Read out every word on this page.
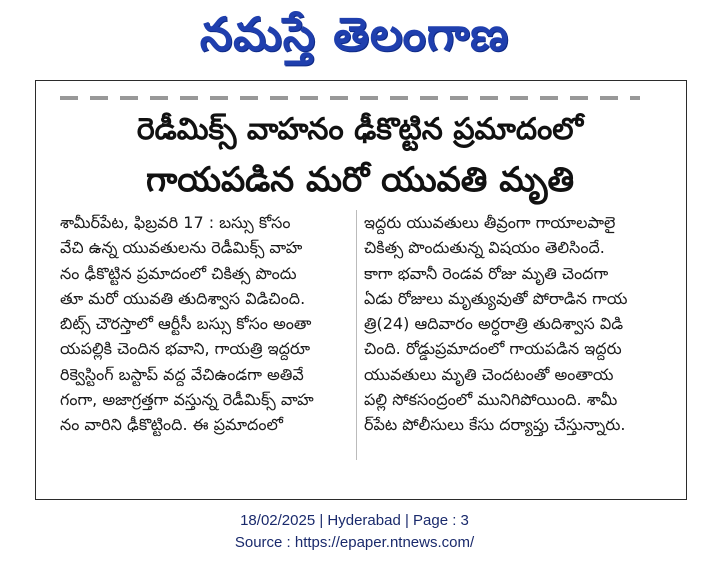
నమస్తే తెలంగాణ
రెడీమిక్స్ వాహనం ఢీకొట్టిన ప్రమాదంలో
గాయపడిన మరో యువతి మృతి
శామీర్‌పేట, ఫిబ్రవరి 17 : బస్సు కోసం
వేచి ఉన్న యువతులను రెడీమిక్స్ వాహ
నం ఢీకొట్టిన ప్రమాదంలో చికిత్స పొందు
తూ మరో యువతి తుదిశ్వాస విడిచింది.
బిట్స్ చౌరస్తాలో ఆర్టీసీ బస్సు కోసం అంతా
యపల్లికి చెందిన భవాని, గాయత్రి ఇద్దరూ
రిక్వెస్టింగ్ బస్టాప్ వద్ద వేచిఉండగా అతివే
గంగా, అజాగ్రత్తగా వస్తున్న రెడీమిక్స్ వాహ
నం వారిని ఢీకొట్టింది. ఈ ప్రమాదంలో
ఇద్దరు యువతులు తీవ్రంగా గాయాలపాలై
చికిత్స పొందుతున్న విషయం తెలిసిందే.
కాగా భవానీ రెండవ రోజు మృతి చెందగా
ఏడు రోజులు మృత్యువుతో పోరాడిన గాయ
త్రి(24) ఆదివారం అర్ధరాత్రి తుదిశ్వాస విడి
చింది. రోడ్డుప్రమాదంలో గాయపడిన ఇద్దరు
యువతులు మృతి చెందటంతో అంతాయ
పల్లి సోకసంద్రంలో మునిగిపోయింది. శామీ
ర్‌పేట పోలీసులు కేసు దర్యాప్తు చేస్తున్నారు.
18/02/2025 | Hyderabad | Page : 3
Source : https://epaper.ntnews.com/
